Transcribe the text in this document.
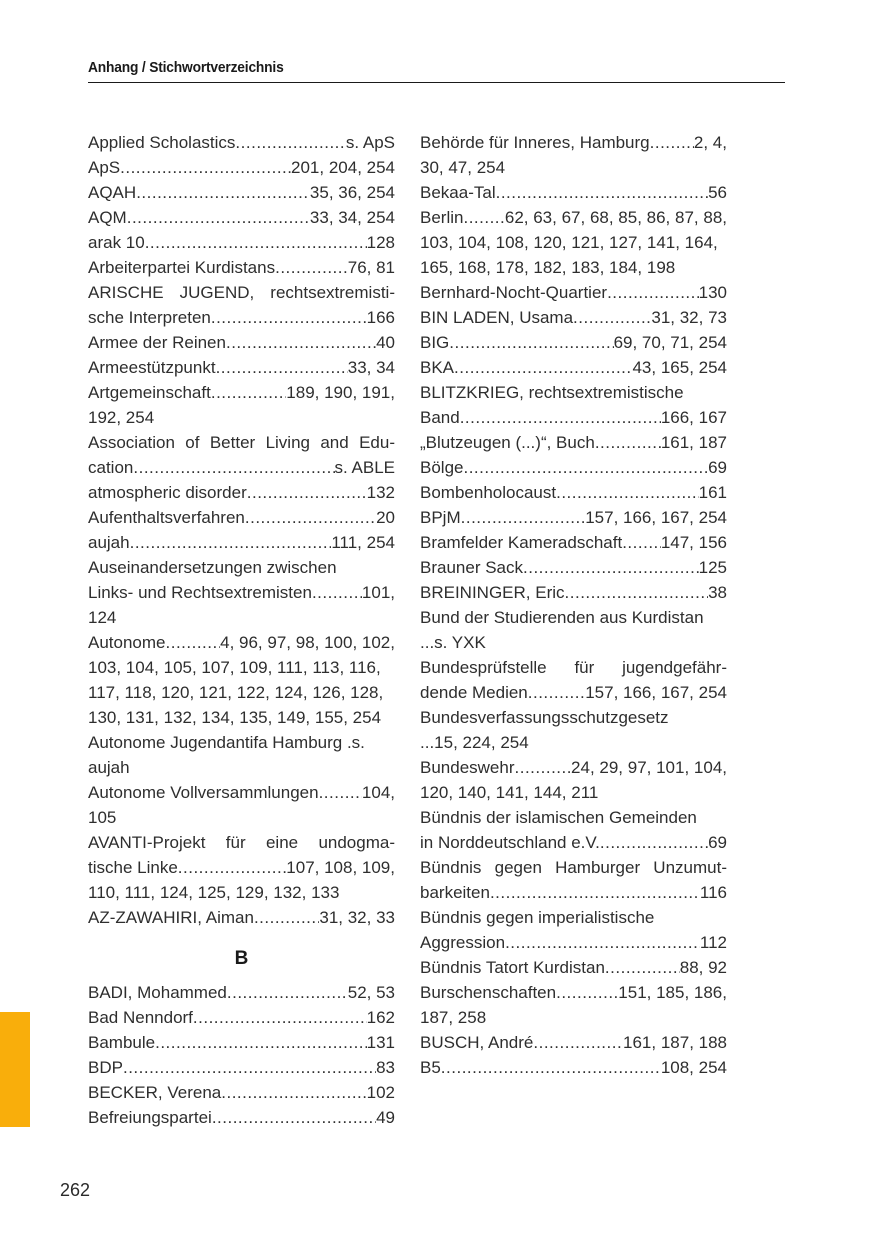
Anhang / Stichwortverzeichnis
Applied Scholastics .....	s. ApS
ApS .....	201, 204, 254
AQAH .....	35, 36, 254
AQM .....	33, 34, 254
arak 10 .....	128
Arbeiterpartei Kurdistans .....	76, 81
ARISCHE JUGEND, rechtsextremisti-
sche Interpreten .....	166
Armee der Reinen .....	40
Armeestützpunkt .....	33, 34
Artgemeinschaft .....	189, 190, 191,
192, 254
Association of Better Living and Edu-
cation .....	s. ABLE
atmospheric disorder .....	132
Aufenthaltsverfahren .....	20
aujah .....	111, 254
Auseinandersetzungen zwischen
Links- und Rechtsextremisten .....	101,
124
Autonome .....	4, 96, 97, 98, 100, 102,
103, 104, 105, 107, 109, 111, 113, 116,
117, 118, 120, 121, 122, 124, 126, 128,
130, 131, 132, 134, 135, 149, 155, 254
Autonome Jugendantifa Hamburg .s.
aujah
Autonome Vollversammlungen .....	104,
105
AVANTI-Projekt für eine undogma-
tische Linke .....	107, 108, 109,
110, 111, 124, 125, 129, 132, 133
AZ-ZAWAHIRI, Aiman .....	31, 32, 33
B
BADI, Mohammed .....	52, 53
Bad Nenndorf .....	162
Bambule .....	131
BDP .....	83
BECKER, Verena .....	102
Befreiungspartei .....	49
Behörde für Inneres, Hamburg .....	2, 4,
30, 47, 254
Bekaa-Tal .....	56
Berlin ..... 62, 63, 67, 68, 85, 86, 87, 88,
103, 104, 108, 120, 121, 127, 141, 164,
165, 168, 178, 182, 183, 184, 198
Bernhard-Nocht-Quartier .....	130
BIN LADEN, Usama .....	31, 32, 73
BIG .....	69, 70, 71, 254
BKA .....	43, 165, 254
BLITZKRIEG, rechtsextremistische
Band .....	166, 167
„Blutzeugen (...)“, Buch .....	161, 187
Bölge .....	69
Bombenholocaust .....	161
BPjM .....	157, 166, 167, 254
Bramfelder Kameradschaft ..... 147, 156
Brauner Sack .....	125
BREININGER, Eric .....	38
Bund der Studierenden aus Kurdistan
...s. YXK
Bundesprüfstelle für jugendgefähr-
dende Medien .....	157, 166, 167, 254
Bundesverfassungsschutzgesetz
...15, 224, 254
Bundeswehr .....	24, 29, 97, 101, 104,
120, 140, 141, 144, 211
Bündnis der islamischen Gemeinden
in Norddeutschland e.V. .....	69
Bündnis gegen Hamburger Unzumut-
barkeiten .....	116
Bündnis gegen imperialistische
Aggression .....	112
Bündnis Tatort Kurdistan .....	88, 92
Burschenschaften .....	151, 185, 186,
187, 258
BUSCH, André .....	161, 187, 188
B5 .....	108, 254
262
